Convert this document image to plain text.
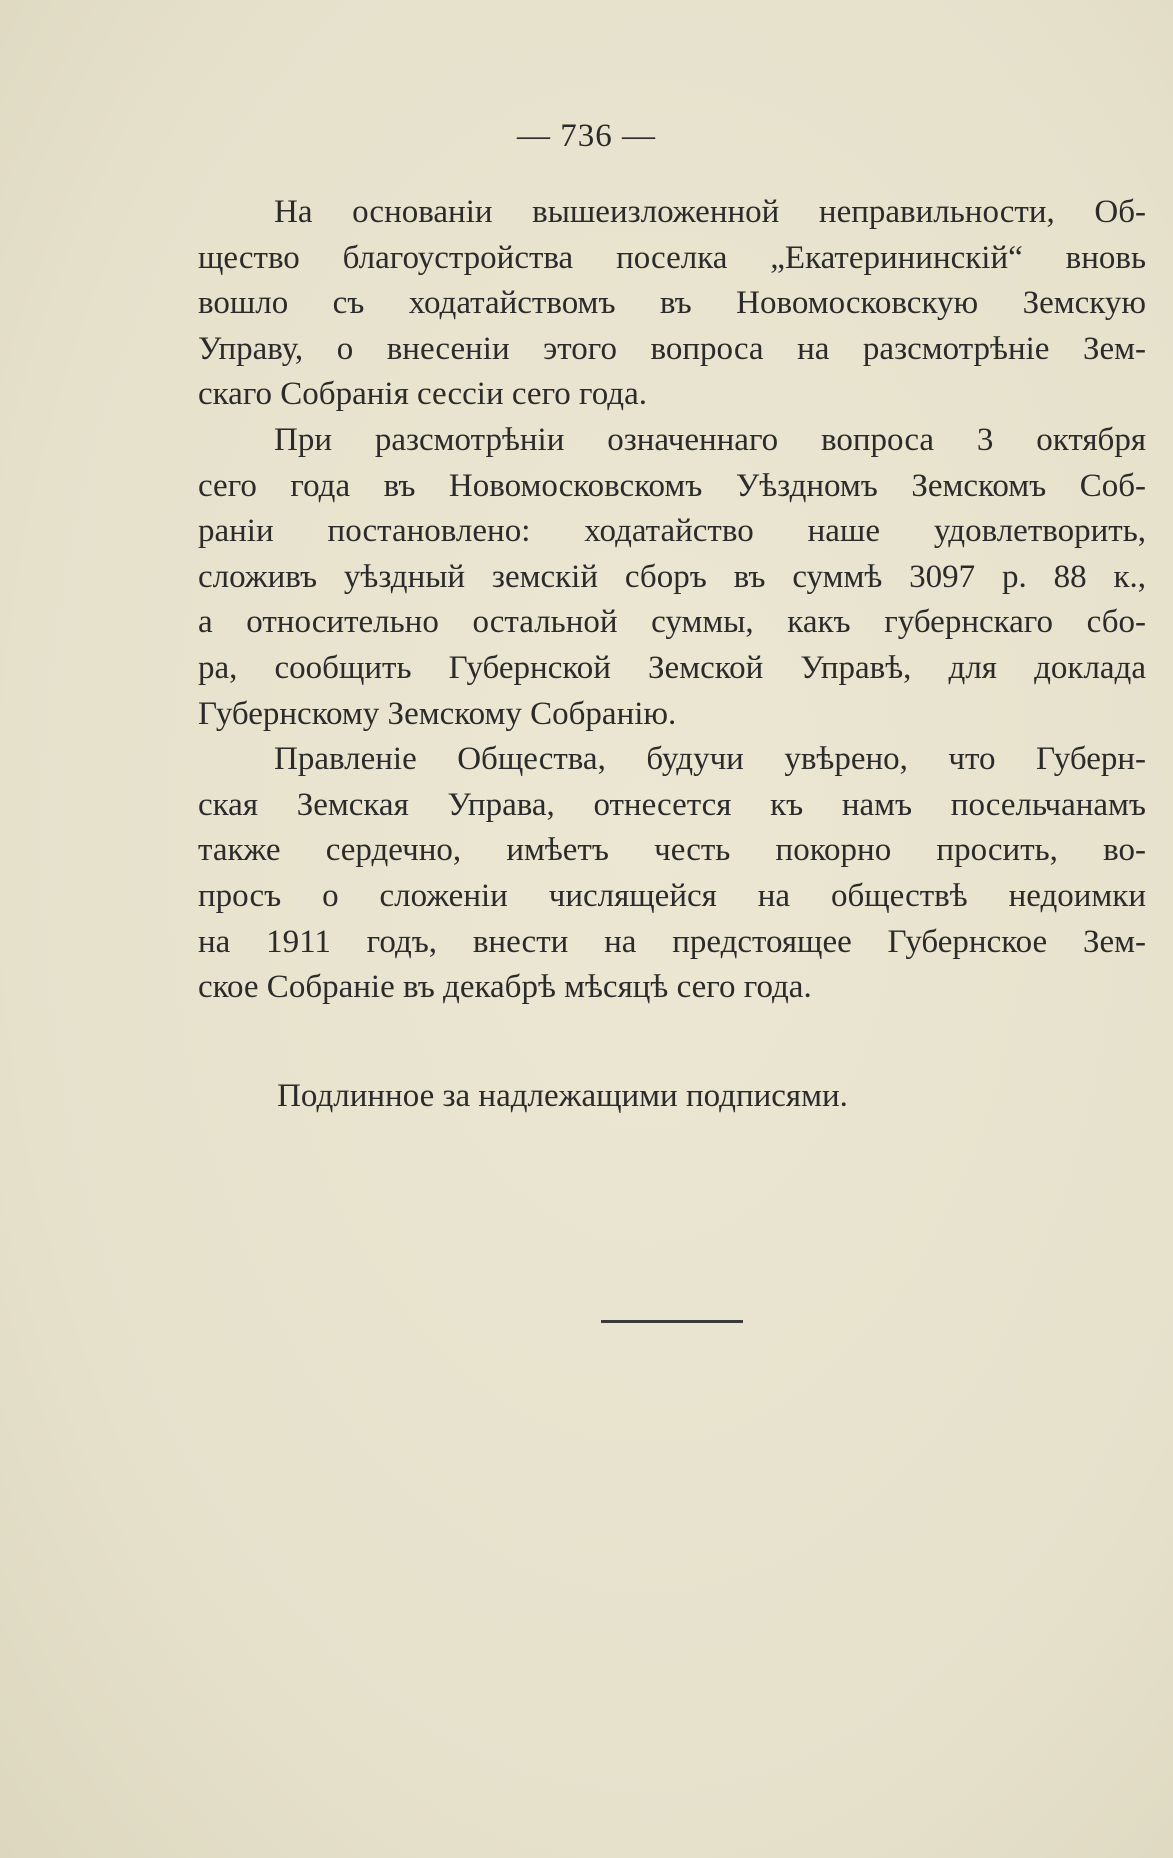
— 736 —
На основанiи вышеизложенной неправильности, Об-
щество благоустройства поселка „Екатерининскiй“ вновь
вошло съ ходатайствомъ въ Новомосковскую Земскую
Управу, о внесенiи этого вопроса на разсмотрѣнiе Зем-
скаго Собранiя сессiи сего года.
При разсмотрѣнiи означеннаго вопроса 3 октября
сего года въ Новомосковскомъ Уѣздномъ Земскомъ Соб-
ранiи постановлено: ходатайство наше удовлетворить,
сложивъ уѣздный земскiй сборъ въ суммѣ 3097 р. 88 к.,
а относительно остальной суммы, какъ губернскаго сбо-
ра, сообщить Губернской Земской Управѣ, для доклада
Губернскому Земскому Собранiю.
Правленiе Общества, будучи увѣрено, что Губерн-
ская Земская Управа, отнесется къ намъ посельчанамъ
также сердечно, имѣетъ честь покорно просить, во-
просъ о сложенiи числящейся на обществѣ недоимки
на 1911 годъ, внести на предстоящее Губернское Зем-
ское Собранiе въ декабрѣ мѣсяцѣ сего года.
Подлинное за надлежащими подписями.
